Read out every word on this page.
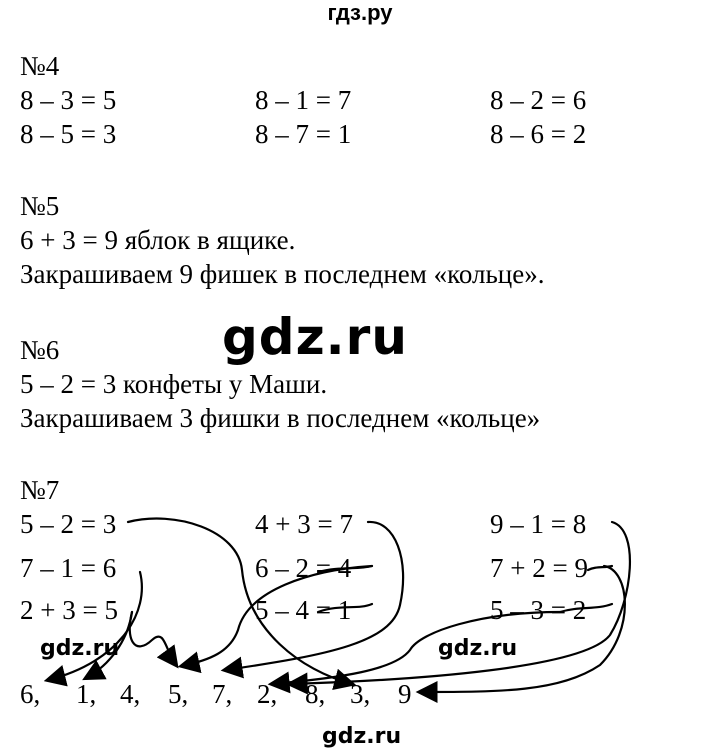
гдз.ру
№4
8 – 3 = 5	8 – 1 = 7	8 – 2 = 6
8 – 5 = 3	8 – 7 = 1	8 – 6 = 2
№5
6 + 3 = 9 яблок в ящике.
Закрашиваем 9 фишек в последнем «кольце».
gdz.ru
№6
5 – 2 = 3 конфеты у Маши.
Закрашиваем 3 фишки в последнем «кольце»
№7
5 – 2 = 3	4 + 3 = 7	9 – 1 = 8
7 – 1 = 6	6 – 2 = 4	7 + 2 = 9
2 + 3 = 5	5 – 4 = 1	5 – 3 = 2
gdz.ru	gdz.ru
6, 1, 4, 5, 7, 2, 8, 3, 9
gdz.ru
